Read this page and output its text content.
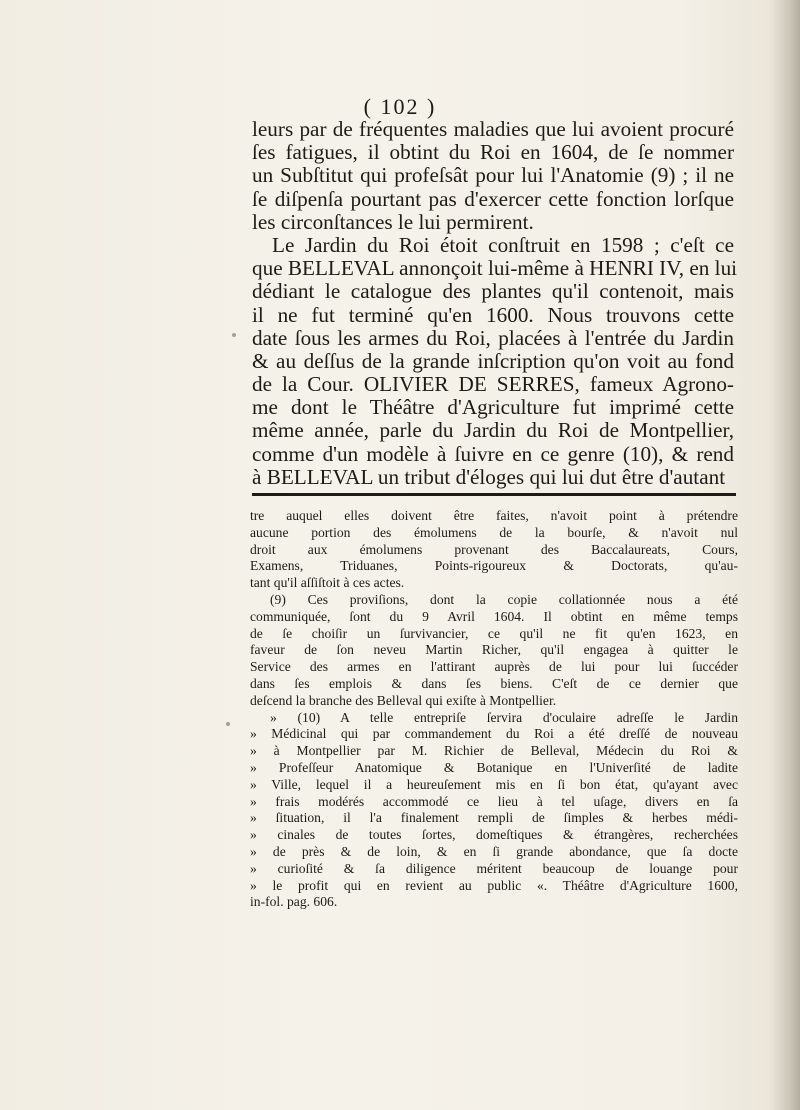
( 102 )
leurs par de fréquentes maladies que lui avoient procuré
ſes fatigues, il obtint du Roi en 1604, de ſe nommer
un Subſtitut qui profeſsât pour lui l'Anatomie (9) ; il ne
ſe diſpenſa pourtant pas d'exercer cette fonction lorſque
les circonſtances le lui permirent.
Le Jardin du Roi étoit conſtruit en 1598 ; c'eſt ce
que BELLEVAL annonçoit lui-même à HENRI IV, en lui
dédiant le catalogue des plantes qu'il contenoit, mais
il ne fut terminé qu'en 1600. Nous trouvons cette
date ſous les armes du Roi, placées à l'entrée du Jardin
& au deſſus de la grande inſcription qu'on voit au fond
de la Cour. OLIVIER DE SERRES, fameux Agrono-
me dont le Théâtre d'Agriculture fut imprimé cette
même année, parle du Jardin du Roi de Montpellier,
comme d'un modèle à ſuivre en ce genre (10), & rend
à BELLEVAL un tribut d'éloges qui lui dut être d'autant
tre auquel elles doivent être faites, n'avoit point à prétendre
aucune portion des émolumens de la bourſe, & n'avoit nul
droit aux émolumens provenant des Baccalaureats, Cours,
Examens, Triduanes, Points-rigoureux & Doctorats, qu'au-
tant qu'il aſſiſtoit à ces actes.
(9) Ces proviſions, dont la copie collationnée nous a été
communiquée, ſont du 9 Avril 1604. Il obtint en même temps
de ſe choiſir un ſurvivancier, ce qu'il ne fit qu'en 1623, en
faveur de ſon neveu Martin Richer, qu'il engagea à quitter le
Service des armes en l'attirant auprès de lui pour lui ſuccéder
dans ſes emplois & dans ſes biens. C'eſt de ce dernier que
deſcend la branche des Belleval qui exiſte à Montpellier.
» (10) A telle entrepriſe ſervira d'oculaire adreſſe le Jardin
» Médicinal qui par commandement du Roi a été dreſſé de nouveau
» à Montpellier par M. Richier de Belleval, Médecin du Roi &
» Profeſſeur Anatomique & Botanique en l'Univerſité de ladite
» Ville, lequel il a heureuſement mis en ſi bon état, qu'ayant avec
» frais modérés accommodé ce lieu à tel uſage, divers en ſa
» ſituation, il l'a finalement rempli de ſimples & herbes médi-
» cinales de toutes ſortes, domeſtiques & étrangères, recherchées
» de près & de loin, & en ſi grande abondance, que ſa docte
» curioſité & ſa diligence méritent beaucoup de louange pour
» le profit qui en revient au public «. Théâtre d'Agriculture 1600,
in-fol. pag. 606.
